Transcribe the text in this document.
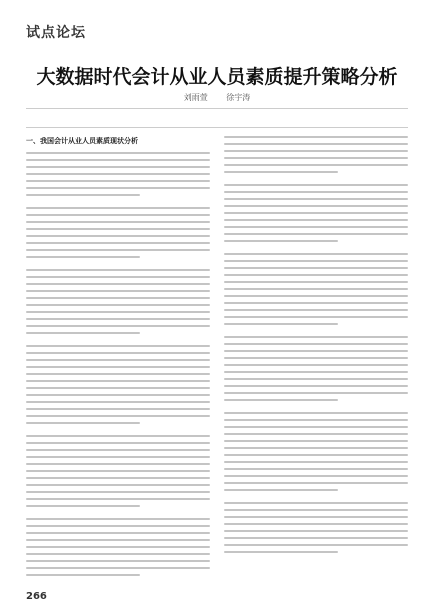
试点论坛
大数据时代会计从业人员素质提升策略分析
刘雨萱 徐宇涛
一、我国会计从业人员素质现状分析
266
